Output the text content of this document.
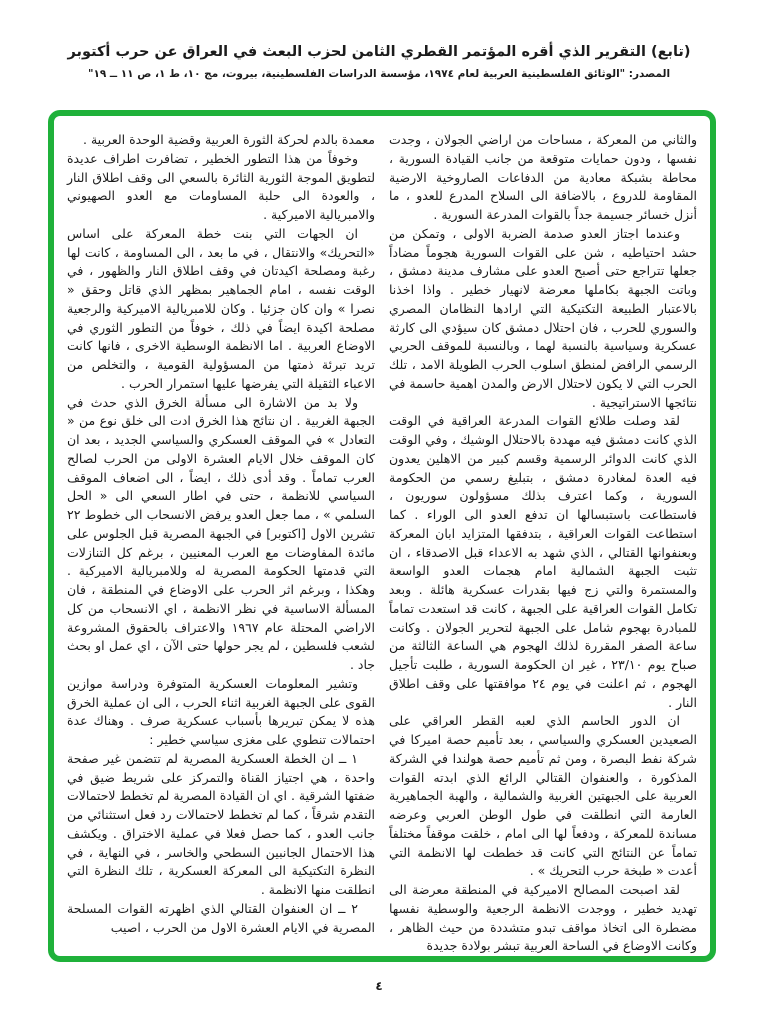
(تابع) التقرير الذي أقره المؤتمر القطري الثامن لحزب البعث في العراق عن حرب أكتوبر
المصدر: "الوثائق الفلسطينية العربية لعام ١٩٧٤، مؤسسة الدراسات الفلسطينية، بيروت، مج ١٠، ط ١، ص ١١ ــ ١٩"

والثاني من المعركة ، مساحات من اراضي الجولان ، وجدت نفسها ، ودون حمايات متوقعة من جانب القيادة السورية ، محاطة بشبكة معادية من الدفاعات الصاروخية الارضية المقاومة للدروع ، بالاضافة الى السلاح المدرع للعدو ، ما أنزل خسائر جسيمة جداً بالقوات المدرعة السورية .

وعندما اجتاز العدو صدمة الضربة الاولى ، وتمكن من حشد احتياطيه ، شن على القوات السورية هجوماً مضاداً جعلها تتراجع حتى أصبح العدو على مشارف مدينة دمشق ، وباتت الجبهة بكاملها معرضة لانهيار خطير . واذا اخذنا بالاعتبار الطبيعة التكتيكية التي ارادها النظامان المصري والسوري للحرب ، فان احتلال دمشق كان سيؤدي الى كارثة عسكرية وسياسية بالنسبة لهما ، وبالنسبة للموقف الحربي الرسمي الرافض لمنطق اسلوب الحرب الطويلة الامد ، تلك الحرب التي لا يكون لاحتلال الارض والمدن اهمية حاسمة في نتائجها الاستراتيجية .

لقد وصلت طلائع القوات المدرعة العراقية في الوقت الذي كانت دمشق فيه مهددة بالاحتلال الوشيك ، وفي الوقت الذي كانت الدوائر الرسمية وقسم كبير من الاهلين يعدون فيه العدة لمغادرة دمشق ، بتبليغ رسمي من الحكومة السورية ، وكما اعترف بذلك مسؤولون سوريون ، فاستطاعت باستبسالها ان تدفع العدو الى الوراء . كما استطاعت القوات العراقية ، بتدفقها المتزايد ابان المعركة وبعنفوانها القتالي ، الذي شهد به الاعداء قبل الاصدقاء ، ان تثبت الجبهة الشمالية امام هجمات العدو الواسعة والمستمرة والتي زج فيها بقدرات عسكرية هائلة . وبعد تكامل القوات العراقية على الجبهة ، كانت قد استعدت تماماً للمبادرة بهجوم شامل على الجبهة لتحرير الجولان . وكانت ساعة الصفر المقررة لذلك الهجوم هي الساعة الثالثة من صباح يوم ٢٣/١٠ ، غير ان الحكومة السورية ، طلبت تأجيل الهجوم ، ثم اعلنت في يوم ٢٤ موافقتها على وقف اطلاق النار .

ان الدور الحاسم الذي لعبه القطر العراقي على الصعيدين العسكري والسياسي ، بعد تأميم حصة اميركا في شركة نفط البصرة ، ومن ثم تأميم حصة هولندا في الشركة المذكورة ، والعنفوان القتالي الرائع الذي ابدته القوات العربية على الجبهتين الغربية والشمالية ، والهبة الجماهيرية العارمة التي انطلقت في طول الوطن العربي وعرضه مساندة للمعركة ، ودفعاً لها الى امام ، خلقت موقفاً مختلفاً تماماً عن النتائج التي كانت قد خططت لها الانظمة التي أعدت « طبخة حرب التحريك » .

لقد اصبحت المصالح الاميركية في المنطقة معرضة الى تهديد خطير ، ووجدت الانظمة الرجعية والوسطية نفسها مضطرة الى اتخاذ مواقف تبدو متشددة من حيث الظاهر ، وكانت الاوضاع في الساحة العربية تبشر بولادة جديدة

معمدة بالدم لحركة الثورة العربية وقضية الوحدة العربية .

وخوفاً من هذا التطور الخطير ، تضافرت اطراف عديدة لتطويق الموجة الثورية الثائرة بالسعي الى وقف اطلاق النار ، والعودة الى حلبة المساومات مع العدو الصهيوني والامبريالية الاميركية .

ان الجهات التي بنت خطة المعركة على اساس «التحريك» والانتقال ، في ما بعد ، الى المساومة ، كانت لها رغبة ومصلحة اكيدتان في وقف اطلاق النار والظهور ، في الوقت نفسه ، امام الجماهير بمظهر الذي قاتل وحقق « نصرا » وان كان جزئيا . وكان للامبريالية الاميركية والرجعية مصلحة اكيدة ايضاً في ذلك ، خوفاً من التطور الثوري في الاوضاع العربية . اما الانظمة الوسطية الاخرى ، فانها كانت تريد تبرئة ذمتها من المسؤولية القومية ، والتخلص من الاعباء الثقيلة التي يفرضها عليها استمرار الحرب .

ولا بد من الاشارة الى مسألة الخرق الذي حدث في الجبهة الغربية . ان نتائج هذا الخرق ادت الى خلق نوع من « التعادل » في الموقف العسكري والسياسي الجديد ، بعد ان كان الموقف خلال الايام العشرة الاولى من الحرب لصالح العرب تماماً . وقد أدى ذلك ، ايضاً ، الى اضعاف الموقف السياسي للانظمة ، حتى في اطار السعي الى « الحل السلمي » ، مما جعل العدو يرفض الانسحاب الى خطوط ٢٢ تشرين الاول [اكتوبر] في الجبهة المصرية قبل الجلوس على مائدة المفاوضات مع العرب المعنيين ، برغم كل التنازلات التي قدمتها الحكومة المصرية له وللامبريالية الاميركية . وهكذا ، وبرغم اثر الحرب على الاوضاع في المنطقة ، فان المسألة الاساسية في نظر الانظمة ، اي الانسحاب من كل الاراضي المحتلة عام ١٩٦٧ والاعتراف بالحقوق المشروعة لشعب فلسطين ، لم يجر حولها حتى الآن ، اي عمل او بحث جاد .

وتشير المعلومات العسكرية المتوفرة ودراسة موازين القوى على الجبهة الغربية اثناء الحرب ، الى ان عملية الخرق هذه لا يمكن تبريرها بأسباب عسكرية صرف . وهناك عدة احتمالات تنطوي على مغزى سياسي خطير :

١ ــ ان الخطة العسكرية المصرية لم تتضمن غير صفحة واحدة ، هي اجتياز القناة والتمركز على شريط ضيق في ضفتها الشرقية . اي ان القيادة المصرية لم تخطط لاحتمالات التقدم شرقاً ، كما لم تخطط لاحتمالات رد فعل استثنائي من جانب العدو ، كما حصل فعلا في عملية الاختراق . ويكشف هذا الاحتمال الجانبين السطحي والخاسر ، في النهاية ، في النظرة التكتيكية الى المعركة العسكرية ، تلك النظرة التي انطلقت منها الانظمة .

٢ ــ ان العنفوان القتالي الذي اظهرته القوات المسلحة المصرية في الايام العشرة الاول من الحرب ، اصيب

٤
